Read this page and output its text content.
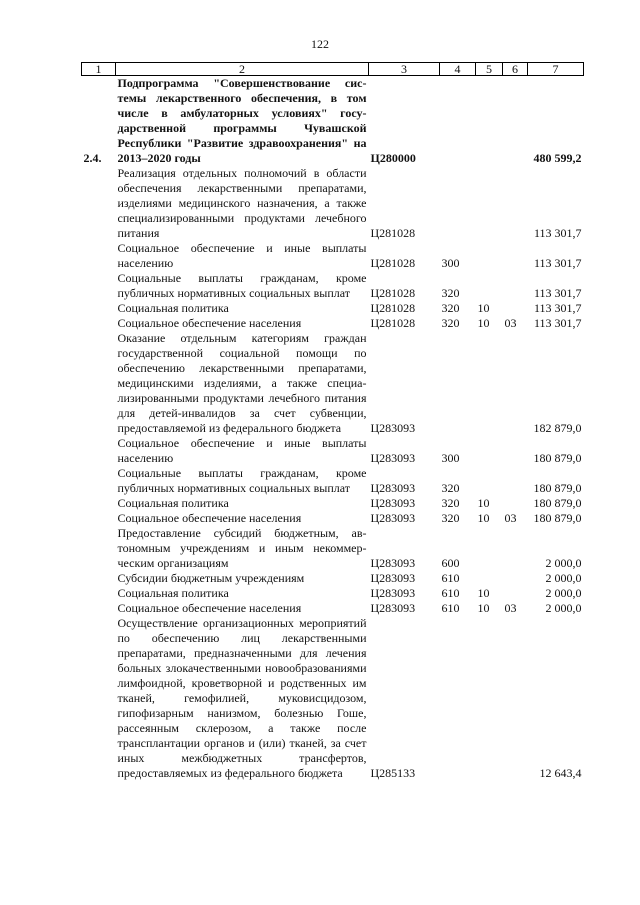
122
1	2	3	4	5	6	7
2.4.	Подпрограмма "Совершенствование системы лекарственного обеспечения, в том числе в амбулаторных условиях" государственной программы Чувашской Республики "Развитие здравоохранения" на 2013–2020 годы	Ц280000				480 599,2
	Реализация отдельных полномочий в области обеспечения лекарственными препаратами, изделиями медицинского назначения, а также специализированными продуктами лечебного питания	Ц281028				113 301,7
	Социальное обеспечение и иные выплаты населению	Ц281028	300			113 301,7
	Социальные выплаты гражданам, кроме публичных нормативных социальных выплат	Ц281028	320			113 301,7
	Социальная политика	Ц281028	320	10		113 301,7
	Социальное обеспечение населения	Ц281028	320	10	03	113 301,7
	Оказание отдельным категориям граждан государственной социальной помощи по обеспечению лекарственными препаратами, медицинскими изделиями, а также специализированными продуктами лечебного питания для детей-инвалидов за счет субвенции, предоставляемой из федерального бюджета	Ц283093				182 879,0
	Социальное обеспечение и иные выплаты населению	Ц283093	300			180 879,0
	Социальные выплаты гражданам, кроме публичных нормативных социальных выплат	Ц283093	320			180 879,0
	Социальная политика	Ц283093	320	10		180 879,0
	Социальное обеспечение населения	Ц283093	320	10	03	180 879,0
	Предоставление субсидий бюджетным, автономным учреждениям и иным некоммерческим организациям	Ц283093	600			2 000,0
	Субсидии бюджетным учреждениям	Ц283093	610			2 000,0
	Социальная политика	Ц283093	610	10		2 000,0
	Социальное обеспечение населения	Ц283093	610	10	03	2 000,0
	Осуществление организационных мероприятий по обеспечению лиц лекарственными препаратами, предназначенными для лечения больных злокачественными новообразованиями лимфоидной, кроветворной и родственных им тканей, гемофилией, муковисцидозом, гипофизарным нанизмом, болезнью Гоше, рассеянным склерозом, а также после трансплантации органов и (или) тканей, за счет иных межбюджетных трансфертов, предоставляемых из федерального бюджета	Ц285133				12 643,4
